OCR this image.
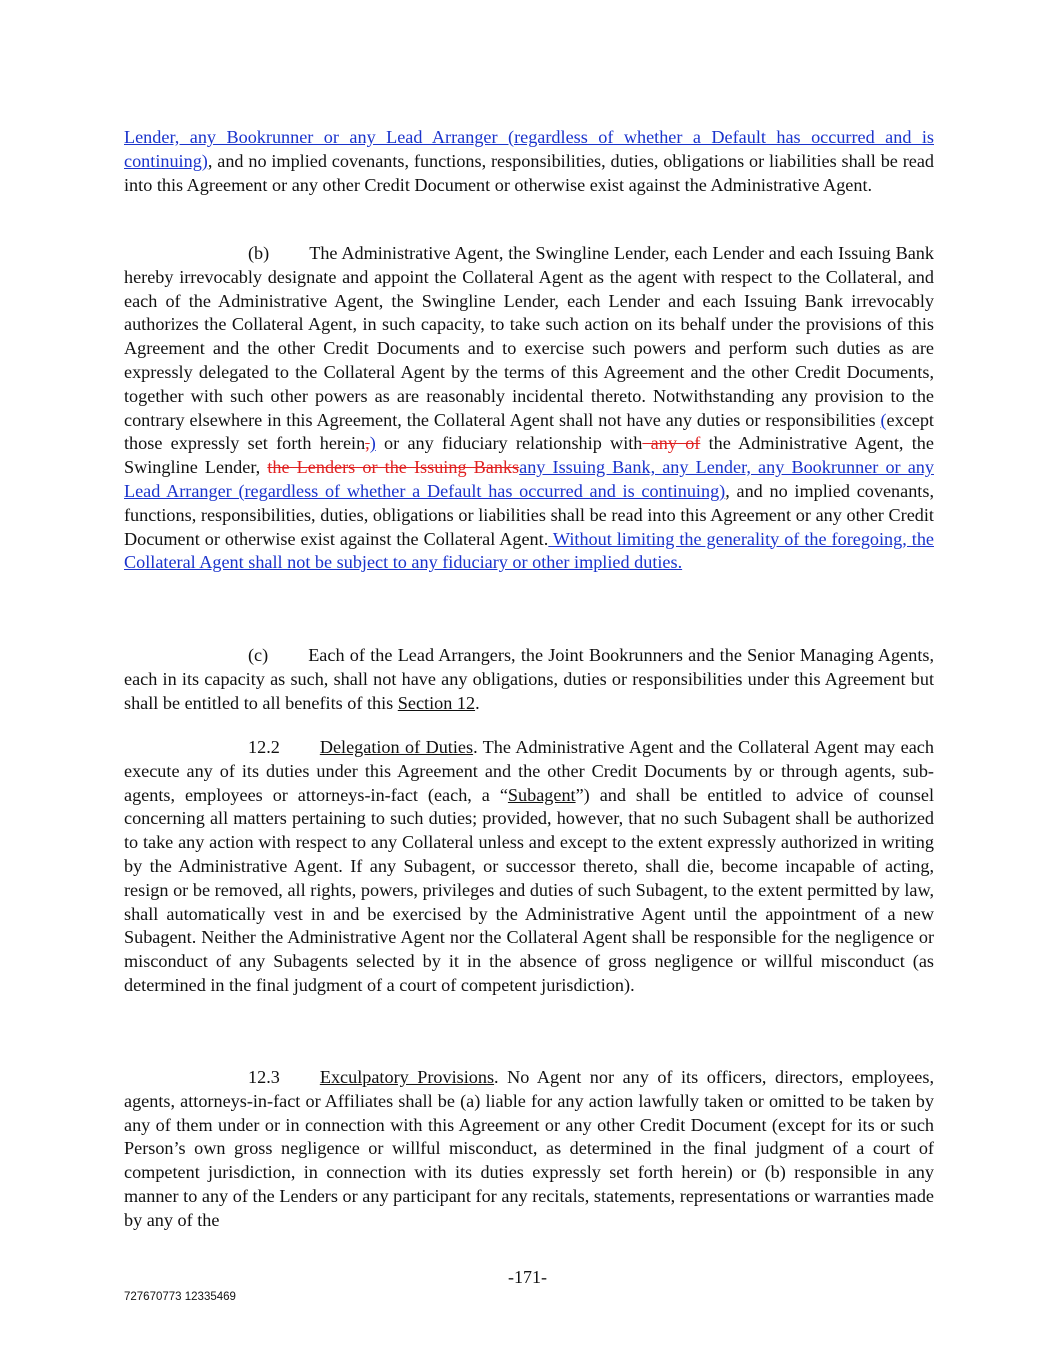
Lender, any Bookrunner or any Lead Arranger (regardless of whether a Default has occurred and is continuing), and no implied covenants, functions, responsibilities, duties, obligations or liabilities shall be read into this Agreement or any other Credit Document or otherwise exist against the Administrative Agent.

(b) The Administrative Agent, the Swingline Lender, each Lender and each Issuing Bank hereby irrevocably designate and appoint the Collateral Agent as the agent with respect to the Collateral, and each of the Administrative Agent, the Swingline Lender, each Lender and each Issuing Bank irrevocably authorizes the Collateral Agent, in such capacity, to take such action on its behalf under the provisions of this Agreement and the other Credit Documents and to exercise such powers and perform such duties as are expressly delegated to the Collateral Agent by the terms of this Agreement and the other Credit Documents, together with such other powers as are reasonably incidental thereto. Notwithstanding any provision to the contrary elsewhere in this Agreement, the Collateral Agent shall not have any duties or responsibilities (except those expressly set forth herein,) or any fiduciary relationship with any of the Administrative Agent, the Swingline Lender, the Lenders or the Issuing Banksany Issuing Bank, any Lender, any Bookrunner or any Lead Arranger (regardless of whether a Default has occurred and is continuing), and no implied covenants, functions, responsibilities, duties, obligations or liabilities shall be read into this Agreement or any other Credit Document or otherwise exist against the Collateral Agent. Without limiting the generality of the foregoing, the Collateral Agent shall not be subject to any fiduciary or other implied duties.

(c) Each of the Lead Arrangers, the Joint Bookrunners and the Senior Managing Agents, each in its capacity as such, shall not have any obligations, duties or responsibilities under this Agreement but shall be entitled to all benefits of this Section 12.

12.2 Delegation of Duties. The Administrative Agent and the Collateral Agent may each execute any of its duties under this Agreement and the other Credit Documents by or through agents, sub-agents, employees or attorneys-in-fact (each, a “Subagent”) and shall be entitled to advice of counsel concerning all matters pertaining to such duties; provided, however, that no such Subagent shall be authorized to take any action with respect to any Collateral unless and except to the extent expressly authorized in writing by the Administrative Agent. If any Subagent, or successor thereto, shall die, become incapable of acting, resign or be removed, all rights, powers, privileges and duties of such Subagent, to the extent permitted by law, shall automatically vest in and be exercised by the Administrative Agent until the appointment of a new Subagent. Neither the Administrative Agent nor the Collateral Agent shall be responsible for the negligence or misconduct of any Subagents selected by it in the absence of gross negligence or willful misconduct (as determined in the final judgment of a court of competent jurisdiction).

12.3 Exculpatory Provisions. No Agent nor any of its officers, directors, employees, agents, attorneys-in-fact or Affiliates shall be (a) liable for any action lawfully taken or omitted to be taken by any of them under or in connection with this Agreement or any other Credit Document (except for its or such Person’s own gross negligence or willful misconduct, as determined in the final judgment of a court of competent jurisdiction, in connection with its duties expressly set forth herein) or (b) responsible in any manner to any of the Lenders or any participant for any recitals, statements, representations or warranties made by any of the

-171-
727670773 12335469
